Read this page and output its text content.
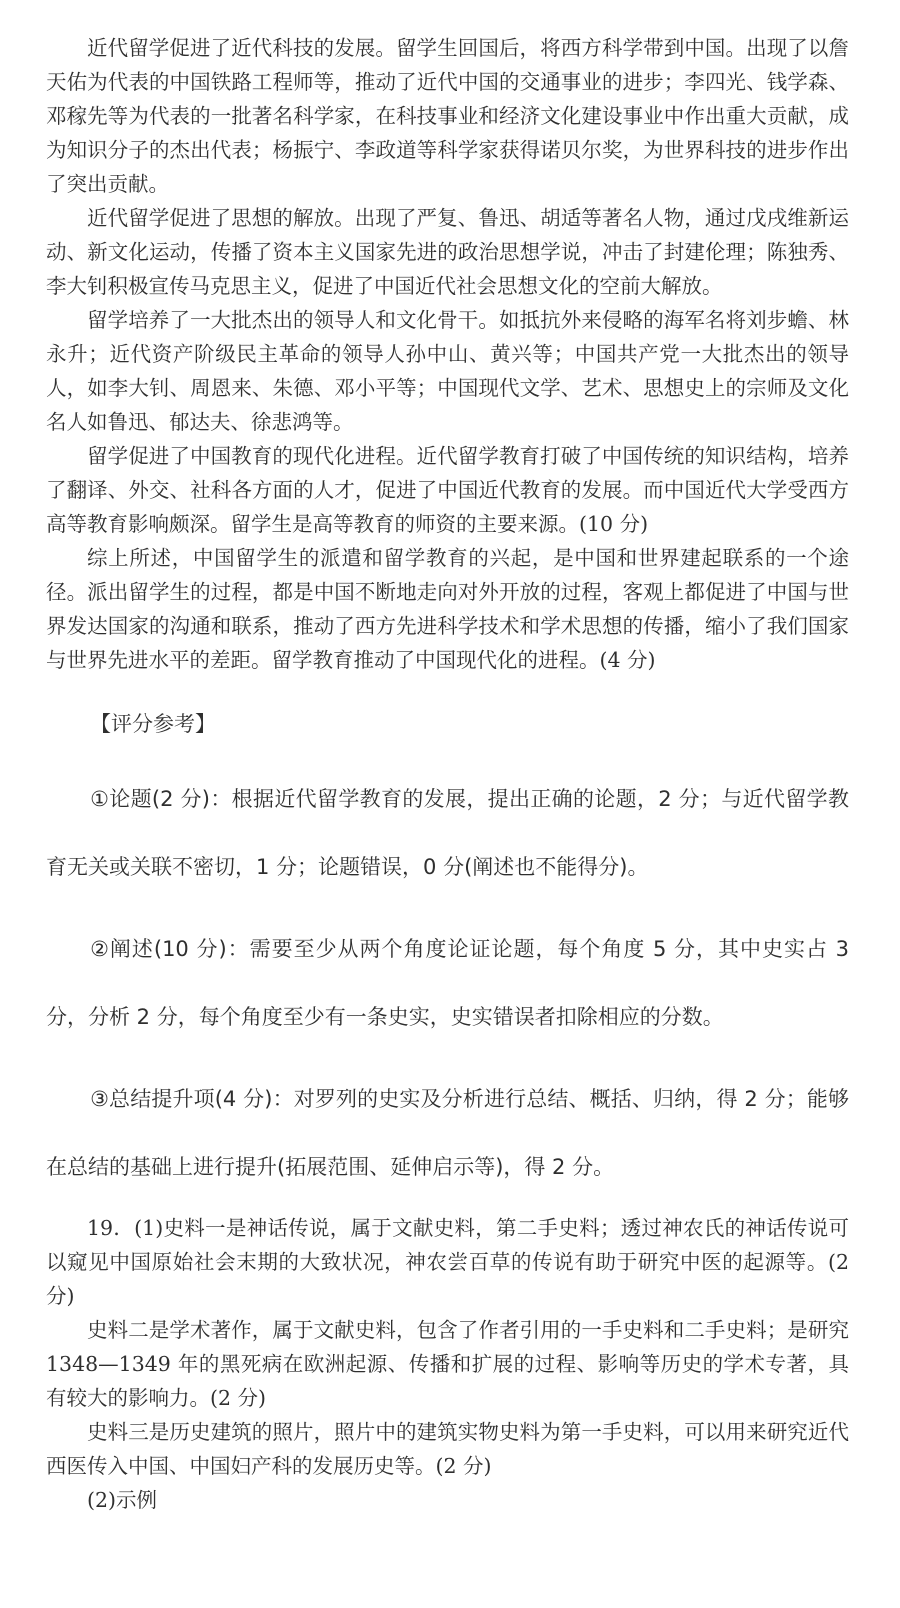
近代留学促进了近代科技的发展。留学生回国后，将西方科学带到中国。出现了以詹天佑为代表的中国铁路工程师等，推动了近代中国的交通事业的进步；李四光、钱学森、邓稼先等为代表的一批著名科学家，在科技事业和经济文化建设事业中作出重大贡献，成为知识分子的杰出代表；杨振宁、李政道等科学家获得诺贝尔奖，为世界科技的进步作出了突出贡献。

近代留学促进了思想的解放。出现了严复、鲁迅、胡适等著名人物，通过戊戌维新运动、新文化运动，传播了资本主义国家先进的政治思想学说，冲击了封建伦理；陈独秀、李大钊积极宣传马克思主义，促进了中国近代社会思想文化的空前大解放。

留学培养了一大批杰出的领导人和文化骨干。如抵抗外来侵略的海军名将刘步蟾、林永升；近代资产阶级民主革命的领导人孙中山、黄兴等；中国共产党一大批杰出的领导人，如李大钊、周恩来、朱德、邓小平等；中国现代文学、艺术、思想史上的宗师及文化名人如鲁迅、郁达夫、徐悲鸿等。

留学促进了中国教育的现代化进程。近代留学教育打破了中国传统的知识结构，培养了翻译、外交、社科各方面的人才，促进了中国近代教育的发展。而中国近代大学受西方高等教育影响颇深。留学生是高等教育的师资的主要来源。(10 分)

综上所述，中国留学生的派遣和留学教育的兴起，是中国和世界建起联系的一个途径。派出留学生的过程，都是中国不断地走向对外开放的过程，客观上都促进了中国与世界发达国家的沟通和联系，推动了西方先进科学技术和学术思想的传播，缩小了我们国家与世界先进水平的差距。留学教育推动了中国现代化的进程。(4 分)

【评分参考】

①论题(2 分)：根据近代留学教育的发展，提出正确的论题，2 分；与近代留学教育无关或关联不密切，1 分；论题错误，0 分(阐述也不能得分)。

②阐述(10 分)：需要至少从两个角度论证论题，每个角度 5 分，其中史实占 3 分，分析 2 分，每个角度至少有一条史实，史实错误者扣除相应的分数。

③总结提升项(4 分)：对罗列的史实及分析进行总结、概括、归纳，得 2 分；能够在总结的基础上进行提升(拓展范围、延伸启示等)，得 2 分。

19．(1)史料一是神话传说，属于文献史料，第二手史料；透过神农氏的神话传说可以窥见中国原始社会末期的大致状况，神农尝百草的传说有助于研究中医的起源等。(2 分)

史料二是学术著作，属于文献史料，包含了作者引用的一手史料和二手史料；是研究 1348—1349 年的黑死病在欧洲起源、传播和扩展的过程、影响等历史的学术专著，具有较大的影响力。(2 分)

史料三是历史建筑的照片，照片中的建筑实物史料为第一手史料，可以用来研究近代西医传入中国、中国妇产科的发展历史等。(2 分)

(2)示例
